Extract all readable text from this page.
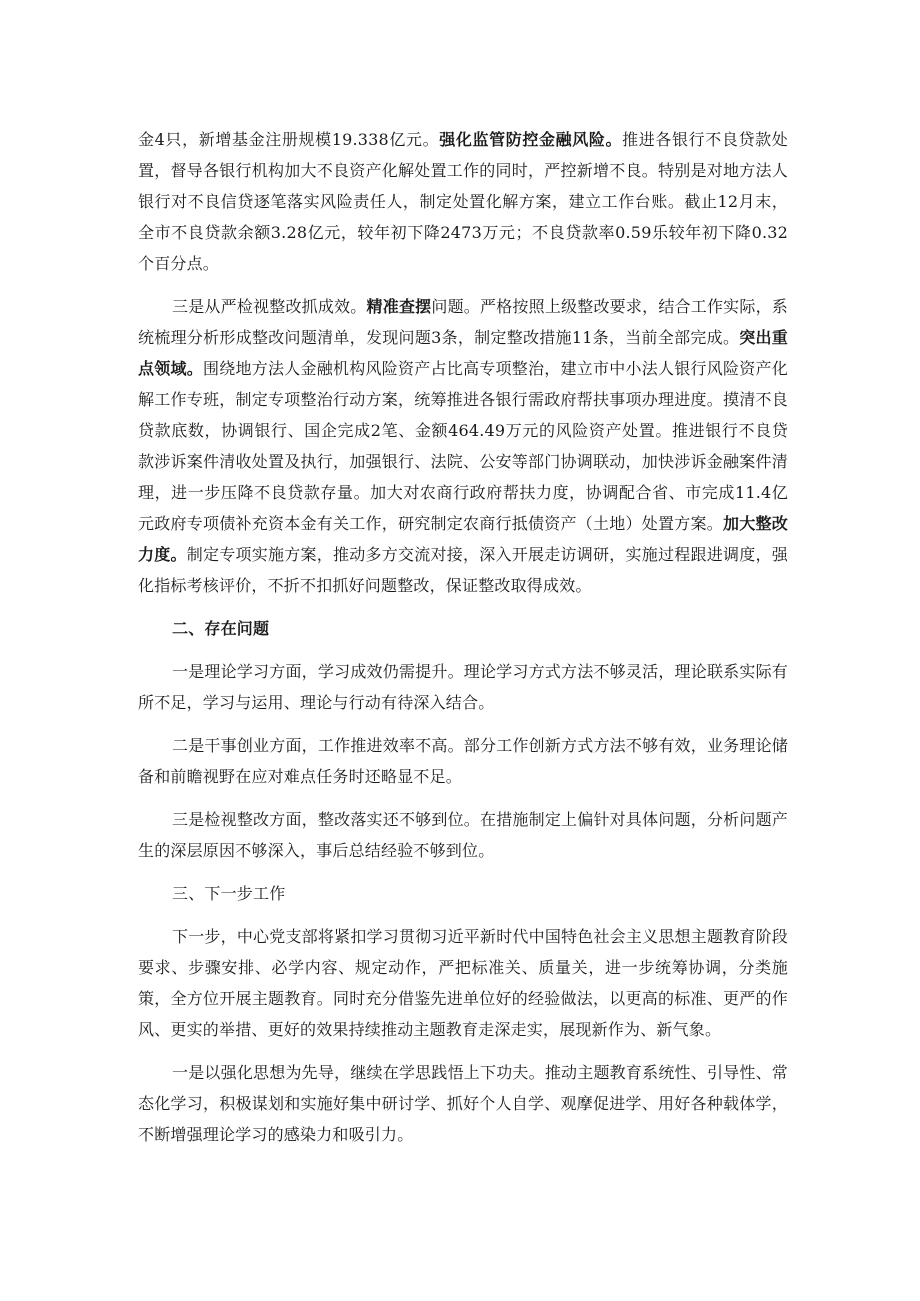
金4只，新增基金注册规模19.338亿元。强化监管防控金融风险。推进各银行不良贷款处置，督导各银行机构加大不良资产化解处置工作的同时，严控新增不良。特别是对地方法人银行对不良信贷逐笔落实风险责任人，制定处置化解方案，建立工作台账。截止12月末，全市不良贷款余额3.28亿元，较年初下降2473万元；不良贷款率0.59乐较年初下降0.32个百分点。

三是从严检视整改抓成效。精准查摆问题。严格按照上级整改要求，结合工作实际，系统梳理分析形成整改问题清单，发现问题3条，制定整改措施11条，当前全部完成。突出重点领域。围绕地方法人金融机构风险资产占比高专项整治，建立市中小法人银行风险资产化解工作专班，制定专项整治行动方案，统筹推进各银行需政府帮扶事项办理进度。摸清不良贷款底数，协调银行、国企完成2笔、金额464.49万元的风险资产处置。推进银行不良贷款涉诉案件清收处置及执行，加强银行、法院、公安等部门协调联动，加快涉诉金融案件清理，进一步压降不良贷款存量。加大对农商行政府帮扶力度，协调配合省、市完成11.4亿元政府专项债补充资本金有关工作，研究制定农商行抵债资产（土地）处置方案。加大整改力度。制定专项实施方案，推动多方交流对接，深入开展走访调研，实施过程跟进调度，强化指标考核评价，不折不扣抓好问题整改，保证整改取得成效。

二、存在问题

一是理论学习方面，学习成效仍需提升。理论学习方式方法不够灵活，理论联系实际有所不足，学习与运用、理论与行动有待深入结合。

二是干事创业方面，工作推进效率不高。部分工作创新方式方法不够有效，业务理论储备和前瞻视野在应对难点任务时还略显不足。

三是检视整改方面，整改落实还不够到位。在措施制定上偏针对具体问题，分析问题产生的深层原因不够深入，事后总结经验不够到位。

三、下一步工作

下一步，中心党支部将紧扣学习贯彻习近平新时代中国特色社会主义思想主题教育阶段要求、步骤安排、必学内容、规定动作，严把标准关、质量关，进一步统筹协调，分类施策，全方位开展主题教育。同时充分借鉴先进单位好的经验做法，以更高的标准、更严的作风、更实的举措、更好的效果持续推动主题教育走深走实，展现新作为、新气象。

一是以强化思想为先导，继续在学思践悟上下功夫。推动主题教育系统性、引导性、常态化学习，积极谋划和实施好集中研讨学、抓好个人自学、观摩促进学、用好各种载体学，不断增强理论学习的感染力和吸引力。
